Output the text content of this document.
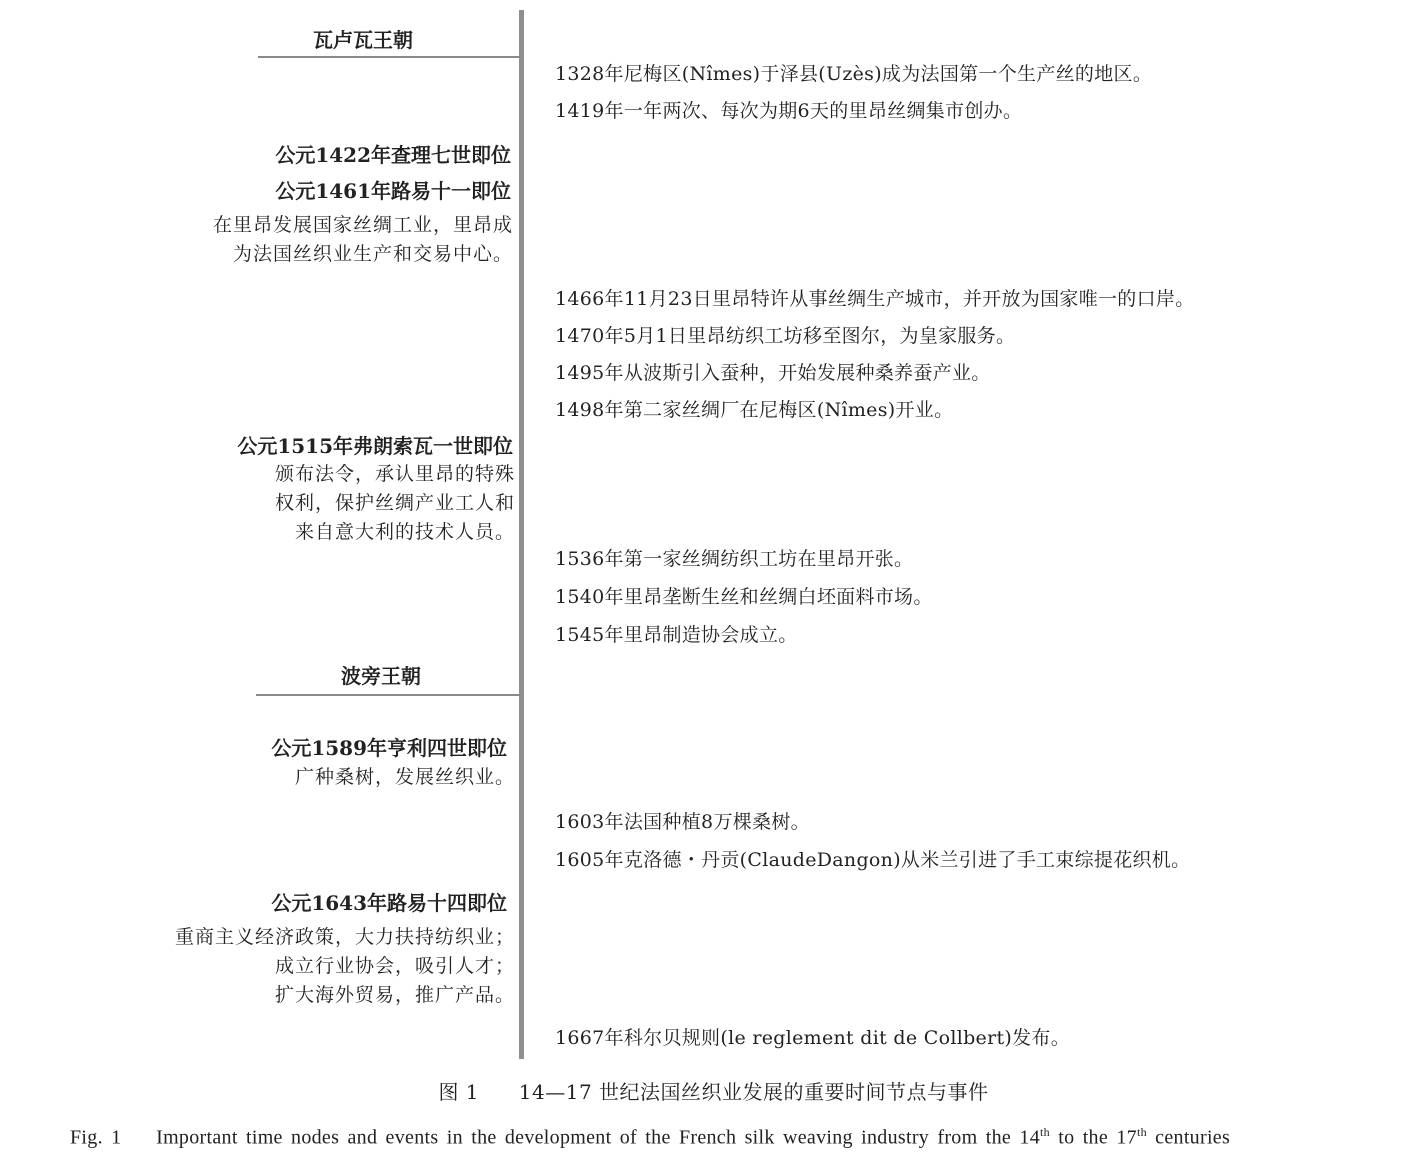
瓦卢瓦王朝
波旁王朝
公元1422年查理七世即位
公元1461年路易十一即位
在里昂发展国家丝绸工业，里昂成
为法国丝织业生产和交易中心。
公元1515年弗朗索瓦一世即位
颁布法令，承认里昂的特殊
权利，保护丝绸产业工人和
来自意大利的技术人员。
公元1589年亨利四世即位
广种桑树，发展丝织业。
公元1643年路易十四即位
重商主义经济政策，大力扶持纺织业；
成立行业协会，吸引人才；
扩大海外贸易，推广产品。
1328年尼梅区(Nîmes)于泽县(Uzès)成为法国第一个生产丝的地区。
1419年一年两次、每次为期6天的里昂丝绸集市创办。
1466年11月23日里昂特许从事丝绸生产城市，并开放为国家唯一的口岸。
1470年5月1日里昂纺织工坊移至图尔，为皇家服务。
1495年从波斯引入蚕种，开始发展种桑养蚕产业。
1498年第二家丝绸厂在尼梅区(Nîmes)开业。
1536年第一家丝绸纺织工坊在里昂开张。
1540年里昂垄断生丝和丝绸白坯面料市场。
1545年里昂制造协会成立。
1603年法国种植8万棵桑树。
1605年克洛德・丹贡(ClaudeDangon)从米兰引进了手工束综提花织机。
1667年科尔贝规则(le reglement dit de Collbert)发布。
图 1 14—17 世纪法国丝织业发展的重要时间节点与事件
Fig. 1 Important time nodes and events in the development of the French silk weaving industry from the 14th to the 17th centuries
